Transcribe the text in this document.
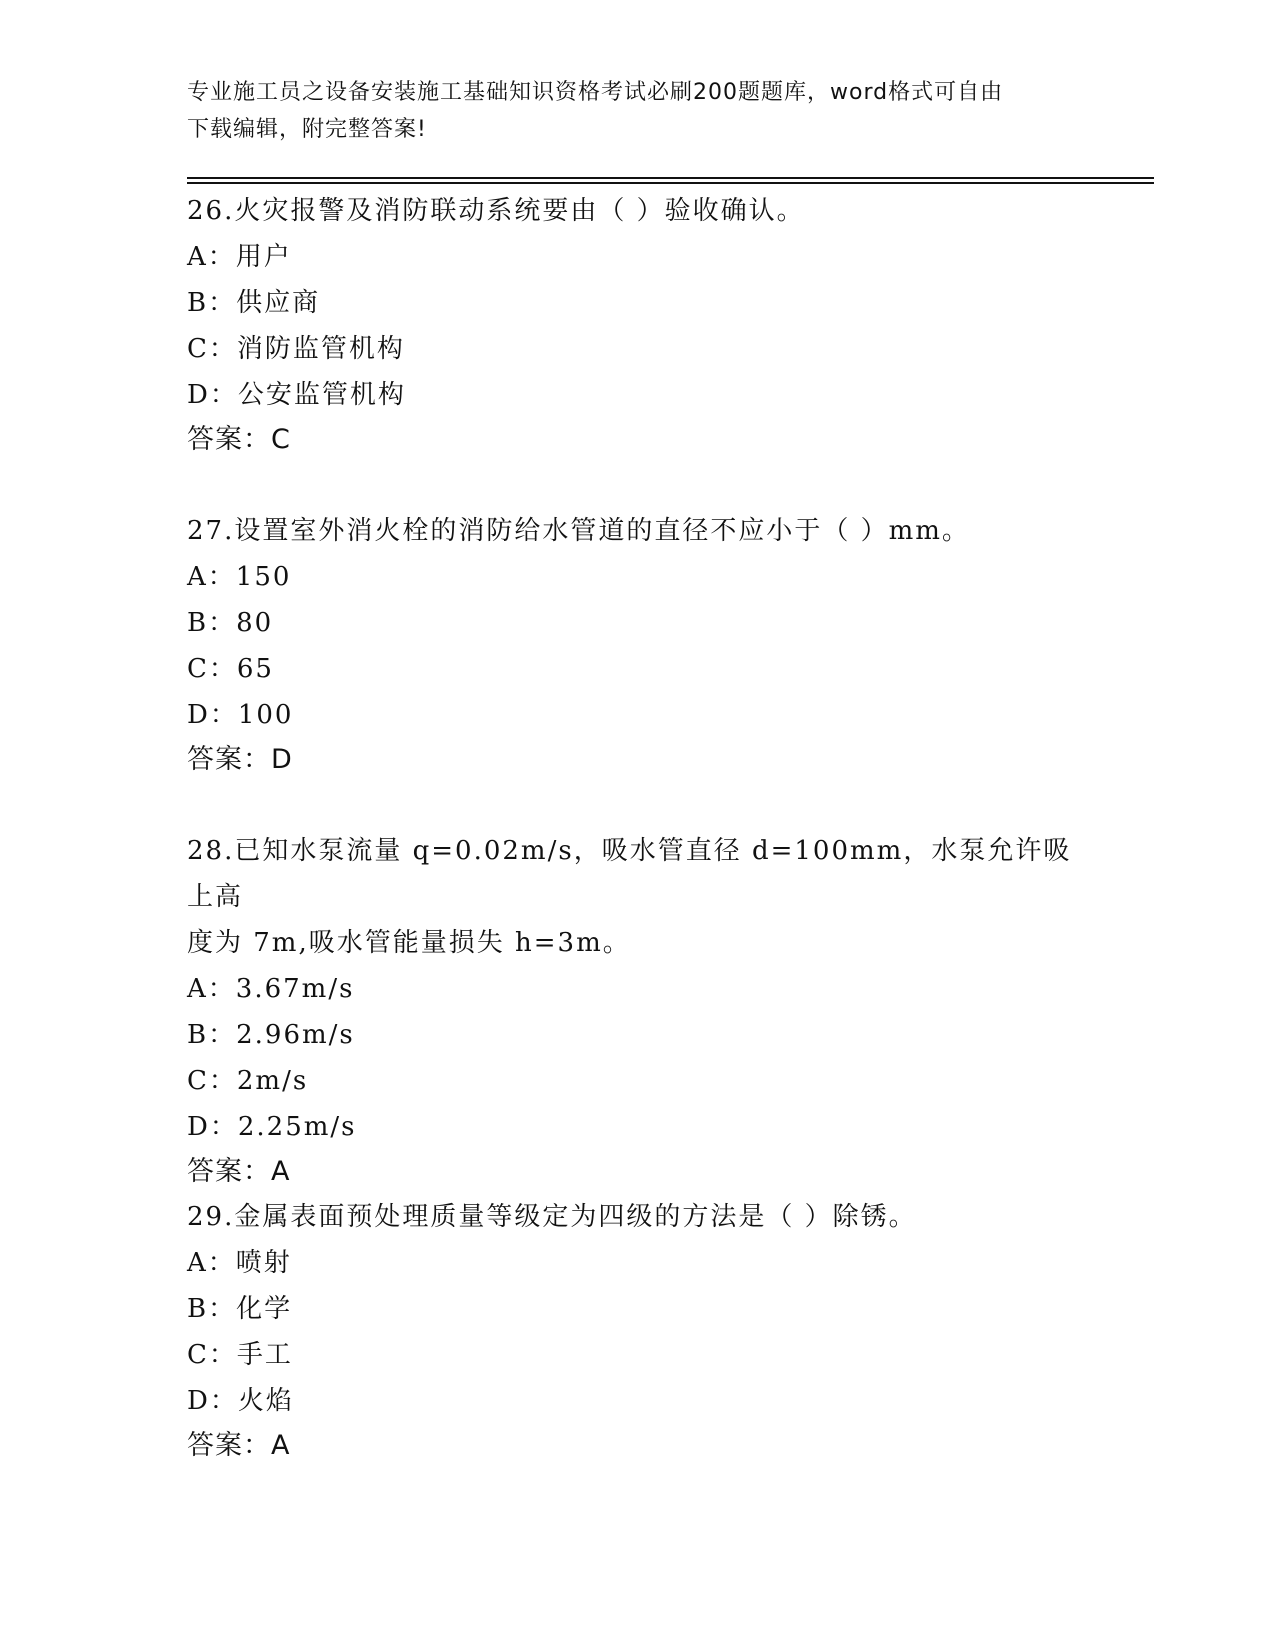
专业施工员之设备安装施工基础知识资格考试必刷200题题库，word格式可自由
下载编辑，附完整答案!

26.火灾报警及消防联动系统要由（ ）验收确认。

A：用户

B：供应商

C：消防监管机构

D：公安监管机构

答案：C

27.设置室外消火栓的消防给水管道的直径不应小于（ ）mm。

A：150

B：80

C：65

D：100

答案：D

28.已知水泵流量 q=0.02m/s，吸水管直径 d=100mm，水泵允许吸上高

度为 7m,吸水管能量损失 h=3m。

A：3.67m/s

B：2.96m/s

C：2m/s

D：2.25m/s

答案：A

29.金属表面预处理质量等级定为四级的方法是（ ）除锈。

A：喷射

B：化学

C：手工

D：火焰

答案：A
